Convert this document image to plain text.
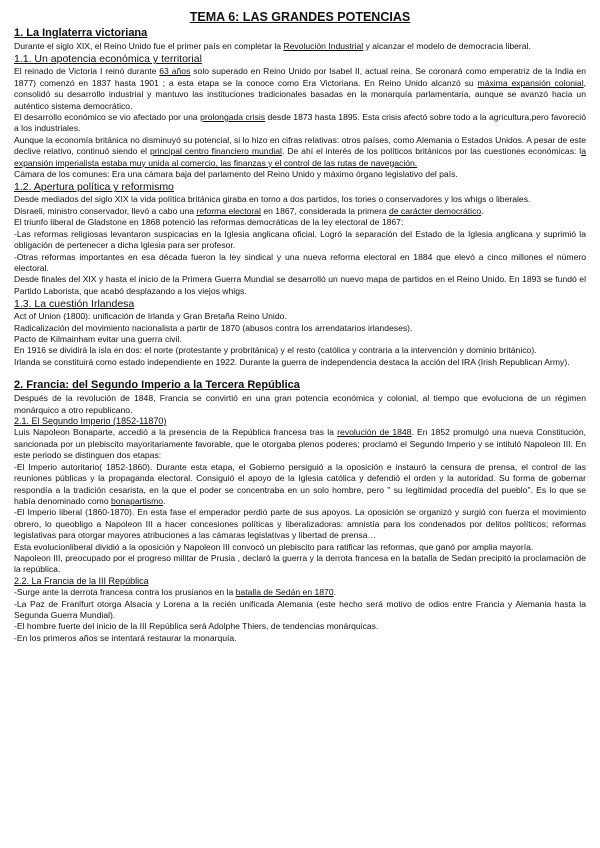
TEMA 6: LAS GRANDES POTENCIAS
1. La Inglaterra victoriana

Durante el siglo XIX, el Reino Unido fue el primer país en completar la Revolución Industrial y alcanzar el modelo de democracia liberal.

1.1. Un apotencia económica y territorial

El reinado de Victoria I reinó durante 63 años solo superado en Reino Unido por Isabel II, actual reina. Se coronará como emperatriz de la India en 1877) comenzó en 1837 hasta 1901 ; a esta etapa se la conoce como Era Victoriana. En Reino Unido alcanzó su máxima expansión colonial, consolidó su desarrollo industrial y mantuvo las instituciones tradicionales basadas en la monarquía parlamentaria, aunque se avanzó hacia un auténtico sistema democrático.

El desarrollo económico se vio afectado por una prolongada crisis desde 1873 hasta 1895. Esta crisis afectó sobre todo a la agricultura,pero favoreció a los industriales.

Aunque la economía británica no disminuyó su potencial, si lo hizo en cifras relativas: otros países, como Alemania o Estados Unidos. A pesar de este declive relativo, continuó siendo el principal centro financiero mundial. De ahí el interés de los políticos británicos por las cuestiones económicas: la expansión imperialista estaba muy unida al comercio, las finanzas y el control de las rutas de navegación.

Cámara de los comunes: Era una cámara baja del parlamento del Reino Unido y máximo órgano legislativo del país.

1.2. Apertura política y reformismo

Desde mediados del siglo XIX la vida política británica giraba en torno a dos partidos, los tories o conservadores y los whigs o liberales.

Disraeli, ministro conservador, llevó a cabo una reforma electoral en 1867, considerada la primera de carácter democrático.

El triunfo liberal de Gladstone en 1868 potenció las reformas democráticas de la ley electoral de 1867:

-Las reformas religiosas levantaron suspicacias en la Iglesia anglicana oficial. Logró la separación del Estado de la Iglesia anglicana y suprimió la obligación de pertenecer a dicha Iglesia para ser profesor.

-Otras reformas importantes en esa década fueron la ley sindical y una nueva reforma electoral en 1884 que elevó a cinco millones el número electoral.

Desde finales del XIX y hasta el inicio de la Primera Guerra Mundial se desarrolló un nuevo mapa de partidos en el Reino Unido. En 1893 se fundó el Partido Laborista, que acabó desplazando a los viejos whigs.

1.3. La cuestión Irlandesa

Act of Union (1800): unificación de Irlanda y Gran Bretaña Reino Unido.

Radicalización del movimiento nacionalista a partir de 1870 (abusos contra los arrendatarios irlandeses).

Pacto de Kilmainham evitar una guerra civil.

En 1916 se dividirá la isla en dos: el norte (protestante y probritánica) y el resto (católica y contraria a la intervención y dominio británico).

Irlanda se constituirá como estado independiente en 1922. Durante la guerra de independencia destaca la acción del IRA (Irish Republican Army).

2. Francia: del Segundo Imperio a la Tercera República

Después de la revolución de 1848, Francia se convirtió en una gran potencia económica y colonial, al tiempo que evoluciona de un régimen monárquico a otro republicano.

2.1. El Segundo Imperio (1852-11870)

Luis Napoleon Bonaparte, accedió a la presencia de la República francesa tras la revolución de 1848. En 1852 promulgó una nueva Constitución, sancionada por un plebiscito mayoritariamente favorable, que le otorgaba plenos poderes; proclamó el Segundo Imperio y se intituló Napoleon III. En este periodo se distinguen dos etapas:

-El Imperio autoritario( 1852-1860). Durante esta etapa, el Gobierno persiguió a la oposición e instauró la censura de prensa, el control de las reuniones públicas y la propaganda electoral. Consiguió el apoyo de la Iglesia católica y defendió el orden y la autoridad. Su forma de gobernar respondía a la tradición cesarista, en la que el poder se concentraba en un solo hombre, pero " su legitimidad procedía del pueblo". Es lo que se había denominado como bonapartismo.

-El Imperio liberal (1860-1870). En esta fase el emperador perdió parte de sus apoyos. La oposición se organizó y surgió con fuerza el movimiento obrero, lo queobligo a Napoleon III a hacer concesiones políticas y liberalizadoras: amnistía para los condenados por delitos políticos; reformas legislativas para otorgar mayores atribuciones a las cámaras legislativas y libertad de prensa…

Esta evolucionliberal dividió a la oposición y Napoleon III convocó un plebiscito para ratificar las reformas, que ganó por amplia mayoría.

Napoleon III, preocupado por el progreso militar de Prusia , declaró la guerra y la derrota francesa en la batalla de Sedan precipitó la proclamación de la república.

2.2. La Francia de la III República

-Surge ante la derrota francesa contra los prusianos en la batalla de Sedán en 1870.

-La Paz de Franlfurt otorga Alsacia y Lorena a la recién unificada Alemania (este hecho será motivo de odios entre Francia y Alemania hasta la Segunda Guerra Mundial).

-El hombre fuerte del inicio de la III República será Adolphe Thiers, de tendencias monárquicas.

-En los primeros años se intentará restaurar la monarquía.
